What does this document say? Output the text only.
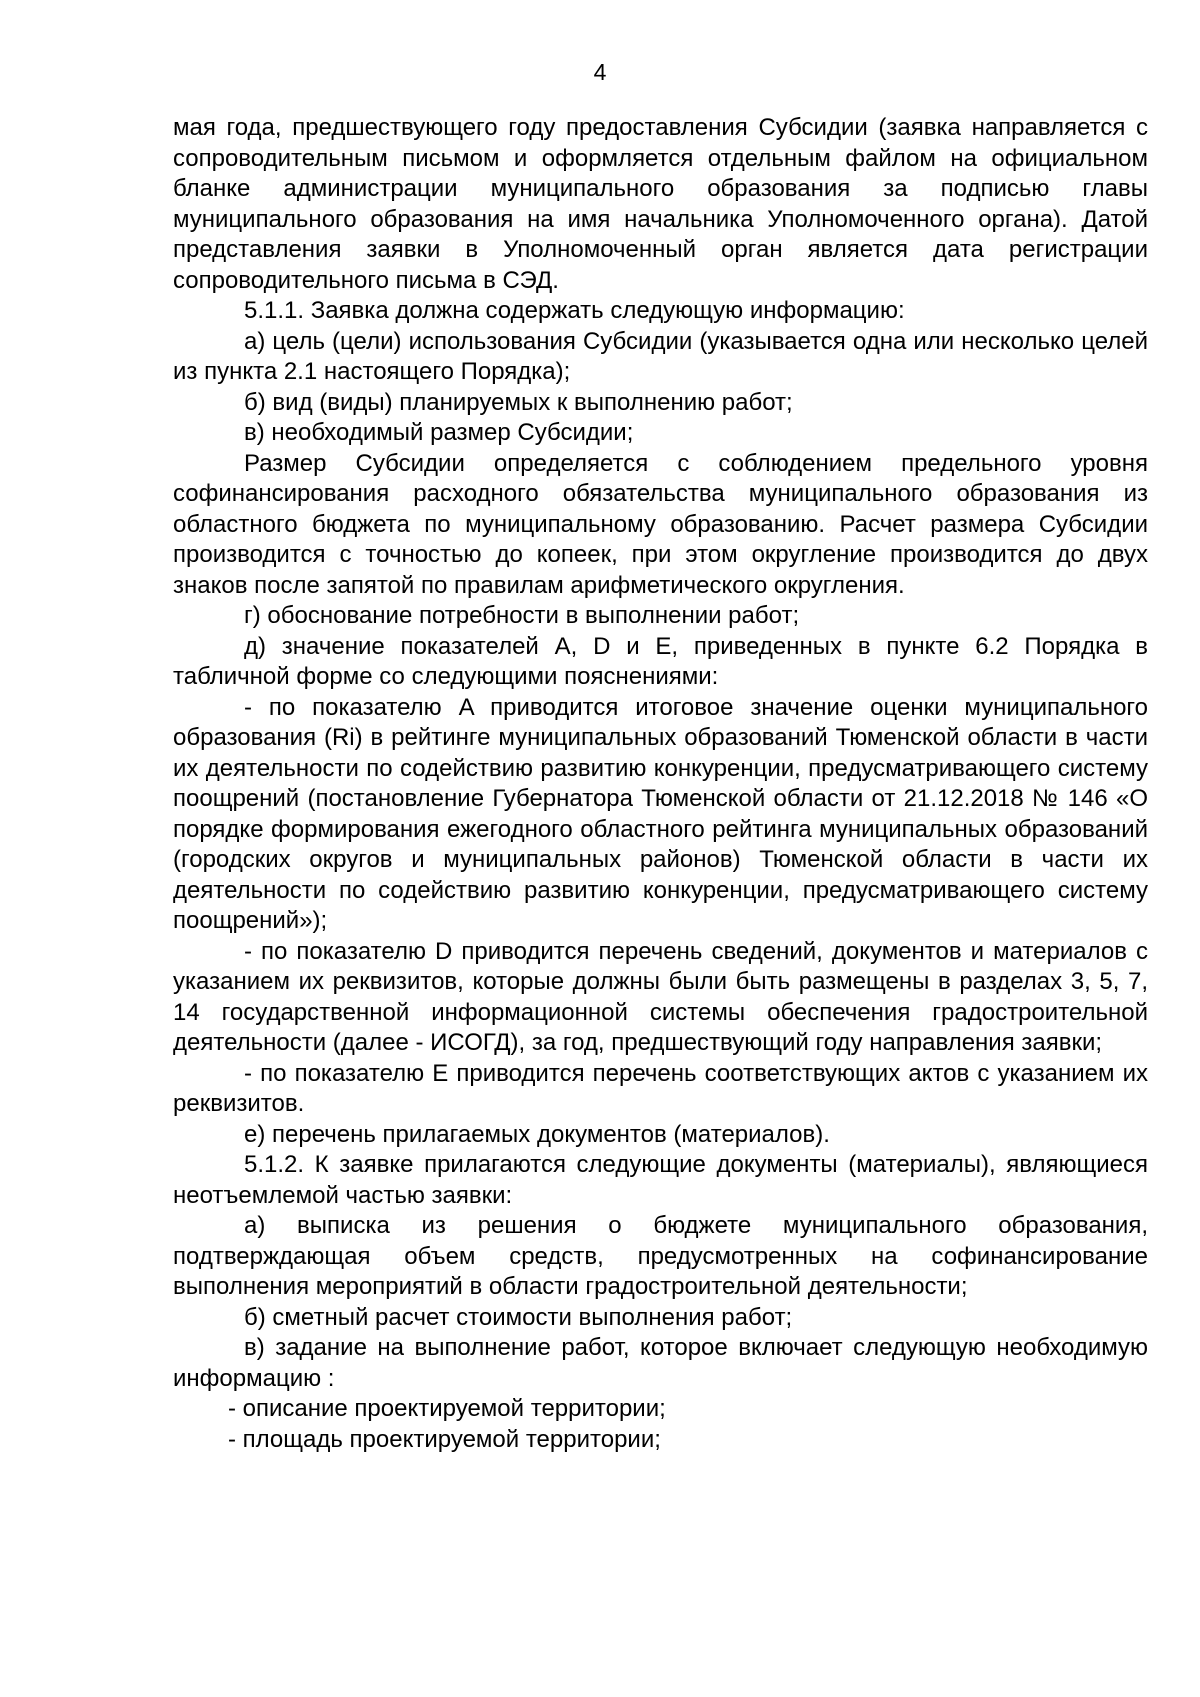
4

мая года, предшествующего году предоставления Субсидии (заявка направляется с сопроводительным письмом и оформляется отдельным файлом на официальном бланке администрации муниципального образования за подписью главы муниципального образования на имя начальника Уполномоченного органа). Датой представления заявки в Уполномоченный орган является дата регистрации сопроводительного письма в СЭД.

5.1.1. Заявка должна содержать следующую информацию:

а) цель (цели) использования Субсидии (указывается одна или несколько целей из пункта 2.1 настоящего Порядка);

б) вид (виды) планируемых к выполнению работ;

в) необходимый размер Субсидии;

Размер Субсидии определяется с соблюдением предельного уровня софинансирования расходного обязательства муниципального образования из областного бюджета по муниципальному образованию. Расчет размера Субсидии производится с точностью до копеек, при этом округление производится до двух знаков после запятой по правилам арифметического округления.

г) обоснование потребности в выполнении работ;

д) значение показателей A, D и E, приведенных в пункте 6.2 Порядка в табличной форме со следующими пояснениями:

- по показателю A приводится итоговое значение оценки муниципального образования (Ri) в рейтинге муниципальных образований Тюменской области в части их деятельности по содействию развитию конкуренции, предусматривающего систему поощрений (постановление Губернатора Тюменской области от 21.12.2018 № 146 «О порядке формирования ежегодного областного рейтинга муниципальных образований (городских округов и муниципальных районов) Тюменской области в части их деятельности по содействию развитию конкуренции, предусматривающего систему поощрений»);

- по показателю D приводится перечень сведений, документов и материалов с указанием их реквизитов, которые должны были быть размещены в разделах 3, 5, 7, 14 государственной информационной системы обеспечения градостроительной деятельности (далее - ИСОГД), за год, предшествующий году направления заявки;

- по показателю E приводится перечень соответствующих актов с указанием их реквизитов.

е) перечень прилагаемых документов (материалов).

5.1.2. К заявке прилагаются следующие документы (материалы), являющиеся неотъемлемой частью заявки:

а) выписка из решения о бюджете муниципального образования, подтверждающая объем средств, предусмотренных на софинансирование выполнения мероприятий в области градостроительной деятельности;

б) сметный расчет стоимости выполнения работ;

в) задание на выполнение работ, которое включает следующую необходимую информацию :

- описание проектируемой территории;

- площадь проектируемой территории;
